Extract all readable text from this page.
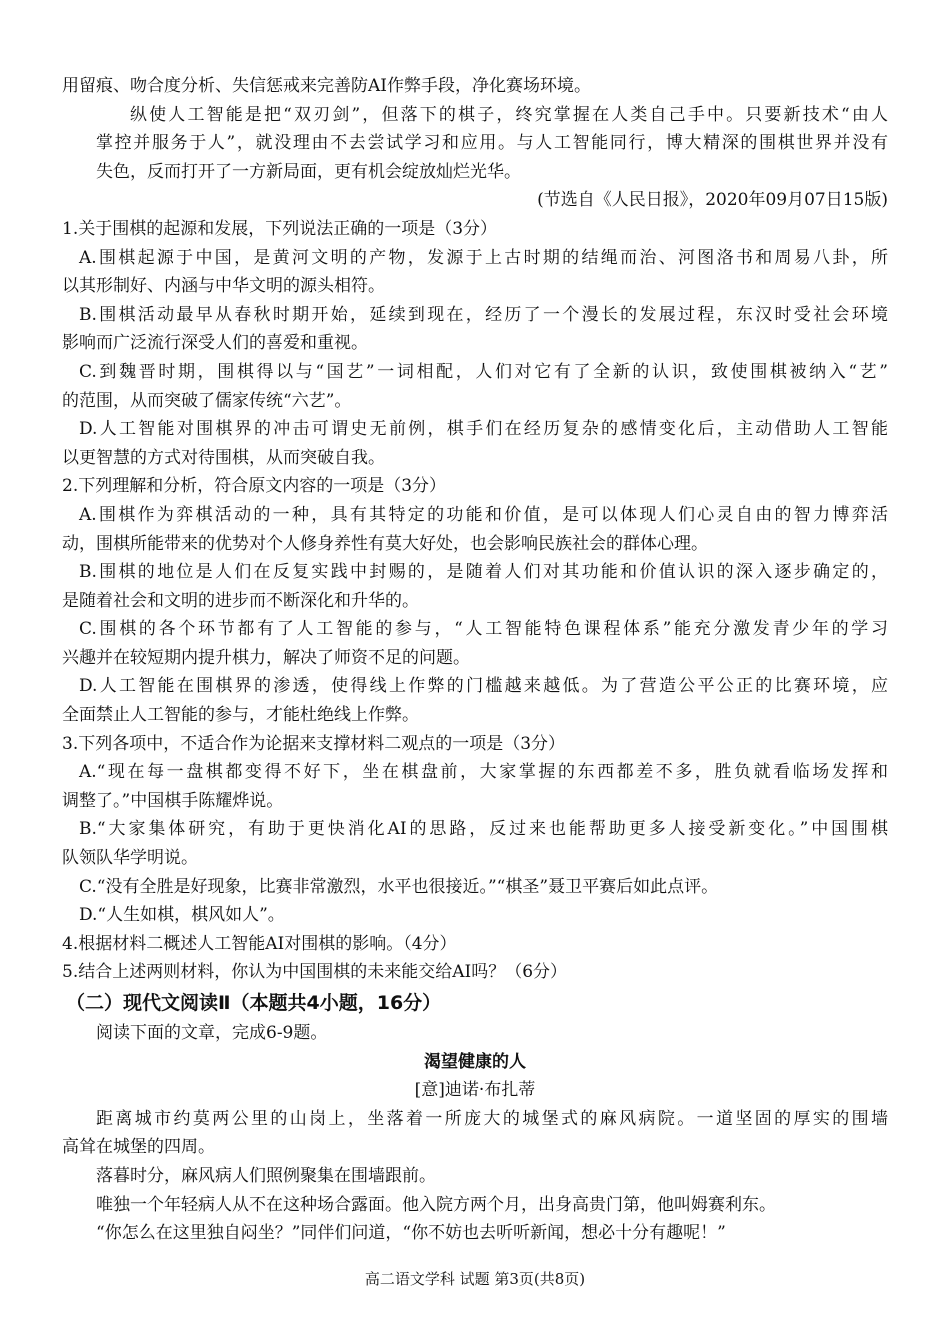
用留痕、吻合度分析、失信惩戒来完善防AI作弊手段，净化赛场环境。
纵使人工智能是把“双刃剑”，但落下的棋子，终究掌握在人类自己手中。只要新技术“由人
掌控并服务于人”，就没理由不去尝试学习和应用。与人工智能同行，博大精深的围棋世界并没有
失色，反而打开了一方新局面，更有机会绽放灿烂光华。
(节选自《人民日报》，2020年09月07日15版)
1.关于围棋的起源和发展，下列说法正确的一项是（3分）
A.围棋起源于中国，是黄河文明的产物，发源于上古时期的结绳而治、河图洛书和周易八卦，所
以其形制好、内涵与中华文明的源头相符。
B.围棋活动最早从春秋时期开始，延续到现在，经历了一个漫长的发展过程，东汉时受社会环境
影响而广泛流行深受人们的喜爱和重视。
C.到魏晋时期，围棋得以与“国艺”一词相配，人们对它有了全新的认识，致使围棋被纳入“艺”
的范围，从而突破了儒家传统“六艺”。
D.人工智能对围棋界的冲击可谓史无前例，棋手们在经历复杂的感情变化后，主动借助人工智能
以更智慧的方式对待围棋，从而突破自我。
2.下列理解和分析，符合原文内容的一项是（3分）
A.围棋作为弈棋活动的一种，具有其特定的功能和价值，是可以体现人们心灵自由的智力博弈活
动，围棋所能带来的优势对个人修身养性有莫大好处，也会影响民族社会的群体心理。
B.围棋的地位是人们在反复实践中封赐的，是随着人们对其功能和价值认识的深入逐步确定的，
是随着社会和文明的进步而不断深化和升华的。
C.围棋的各个环节都有了人工智能的参与，“人工智能特色课程体系”能充分激发青少年的学习
兴趣并在较短期内提升棋力，解决了师资不足的问题。
D.人工智能在围棋界的渗透，使得线上作弊的门槛越来越低。为了营造公平公正的比赛环境，应
全面禁止人工智能的参与，才能杜绝线上作弊。
3.下列各项中，不适合作为论据来支撑材料二观点的一项是（3分）
A.“现在每一盘棋都变得不好下，坐在棋盘前，大家掌握的东西都差不多，胜负就看临场发挥和
调整了。”中国棋手陈耀烨说。
B.“大家集体研究，有助于更快消化AI的思路，反过来也能帮助更多人接受新变化。”中国围棋
队领队华学明说。
C.“没有全胜是好现象，比赛非常激烈，水平也很接近。”“棋圣”聂卫平赛后如此点评。
D.“人生如棋，棋风如人”。
4.根据材料二概述人工智能AI对围棋的影响。（4分）
5.结合上述两则材料，你认为中国围棋的未来能交给AI吗？（6分）
（二）现代文阅读Ⅱ（本题共4小题，16分）
阅读下面的文章，完成6-9题。
渴望健康的人
[意]迪诺·布扎蒂
距离城市约莫两公里的山岗上，坐落着一所庞大的城堡式的麻风病院。一道坚固的厚实的围墙
高耸在城堡的四周。
落暮时分，麻风病人们照例聚集在围墙跟前。
唯独一个年轻病人从不在这种场合露面。他入院方两个月，出身高贵门第，他叫姆赛利东。
“你怎么在这里独自闷坐？”同伴们问道，“你不妨也去听听新闻，想必十分有趣呢！”
高二语文学科 试题 第3页(共8页)
